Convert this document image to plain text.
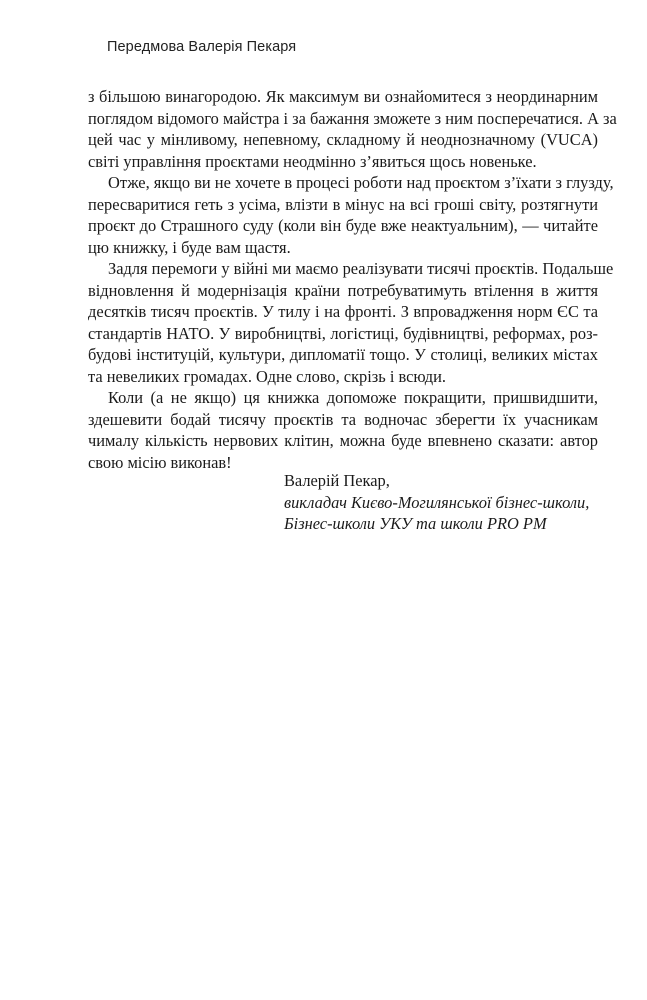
Передмова Валерія Пекаря
з більшою винагородою. Як максимум ви ознайомитеся з неординарним
поглядом відомого майстра і за бажання зможете з ним посперечатися. А за
цей час у мінливому, непевному, складному й неоднозначному (VUCA)
світі управління проєктами неодмінно з’явиться щось новеньке.
Отже, якщо ви не хочете в процесі роботи над проєктом з’їхати з глузду,
пересваритися геть з усіма, влізти в мінус на всі гроші світу, розтягнути
проєкт до Страшного суду (коли він буде вже неактуальним), — читайте
цю книжку, і буде вам щастя.
Задля перемоги у війні ми маємо реалізувати тисячі проєктів. Подальше
відновлення й модернізація країни потребуватимуть втілення в життя
десятків тисяч проєктів. У тилу і на фронті. З впровадження норм ЄС та
стандартів НАТО. У виробництві, логістиці, будівництві, реформах, роз-
будові інституцій, культури, дипломатії тощо. У столиці, великих містах
та невеликих громадах. Одне слово, скрізь і всюди.
Коли (а не якщо) ця книжка допоможе покращити, пришвидшити,
здешевити бодай тисячу проєктів та водночас зберегти їх учасникам
чималу кількість нервових клітин, можна буде впевнено сказати: автор
свою місію виконав!
Валерій Пекар,
викладач Києво-Могилянської бізнес-школи,
Бізнес-школи УКУ та школи PRO PM
